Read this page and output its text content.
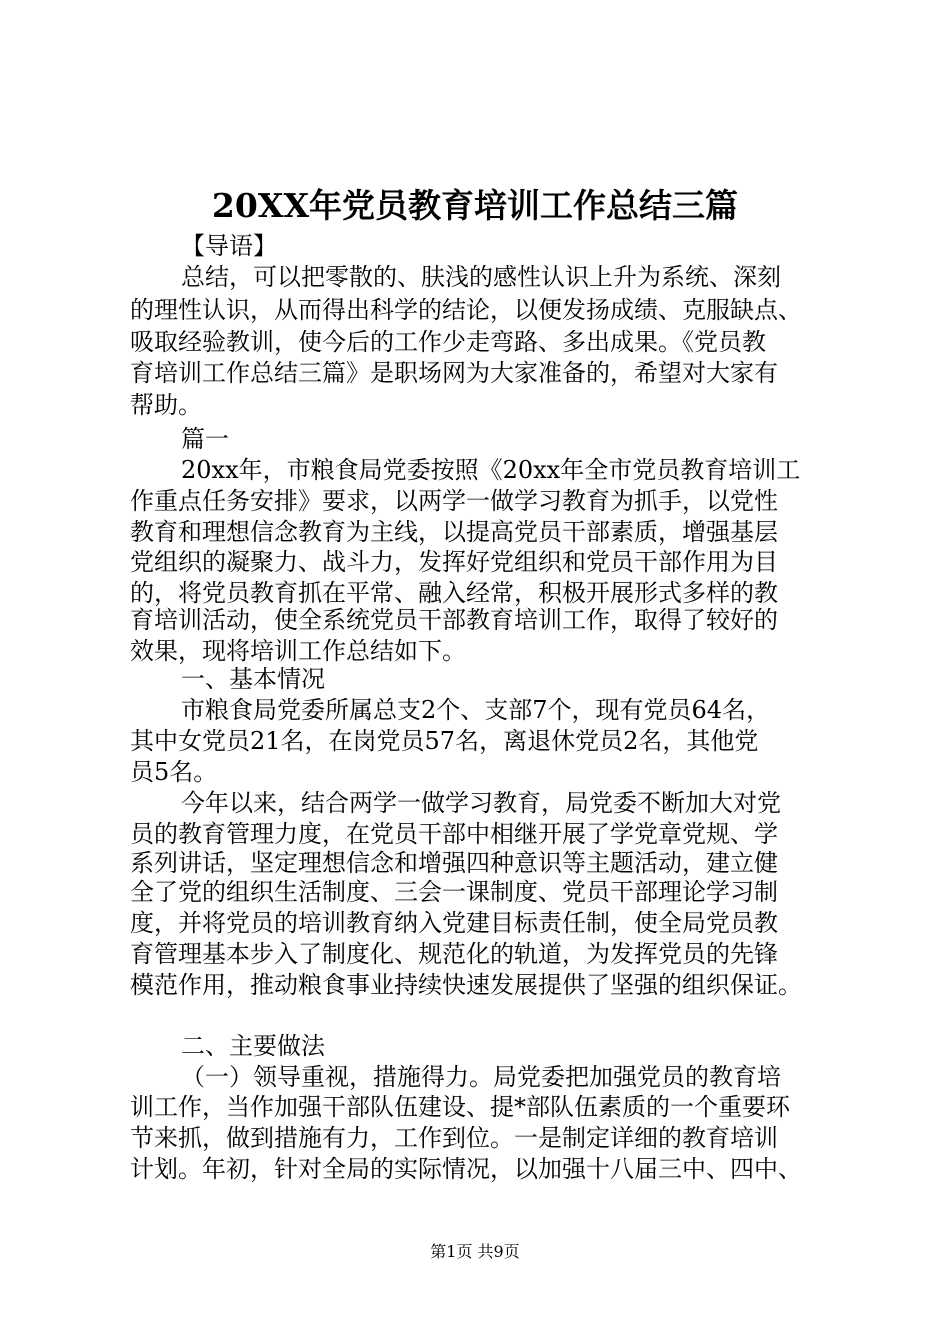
20XX年党员教育培训工作总结三篇
【导语】
总结，可以把零散的、肤浅的感性认识上升为系统、深刻
的理性认识，从而得出科学的结论，以便发扬成绩、克服缺点、
吸取经验教训，使今后的工作少走弯路、多出成果。《党员教
育培训工作总结三篇》是职场网为大家准备的，希望对大家有
帮助。
篇一
20xx年，市粮食局党委按照《20xx年全市党员教育培训工
作重点任务安排》要求，以两学一做学习教育为抓手，以党性
教育和理想信念教育为主线，以提高党员干部素质，增强基层
党组织的凝聚力、战斗力，发挥好党组织和党员干部作用为目
的，将党员教育抓在平常、融入经常，积极开展形式多样的教
育培训活动，使全系统党员干部教育培训工作，取得了较好的
效果，现将培训工作总结如下。
一、基本情况
市粮食局党委所属总支2个、支部7个，现有党员64名，
其中女党员21名，在岗党员57名，离退休党员2名，其他党
员5名。
今年以来，结合两学一做学习教育，局党委不断加大对党
员的教育管理力度，在党员干部中相继开展了学党章党规、学
系列讲话，坚定理想信念和增强四种意识等主题活动，建立健
全了党的组织生活制度、三会一课制度、党员干部理论学习制
度，并将党员的培训教育纳入党建目标责任制，使全局党员教
育管理基本步入了制度化、规范化的轨道，为发挥党员的先锋
模范作用，推动粮食事业持续快速发展提供了坚强的组织保证。
二、主要做法
（一）领导重视，措施得力。局党委把加强党员的教育培
训工作，当作加强干部队伍建设、提*部队伍素质的一个重要环
节来抓，做到措施有力，工作到位。一是制定详细的教育培训
计划。年初，针对全局的实际情况，以加强十八届三中、四中、
第1页 共9页
